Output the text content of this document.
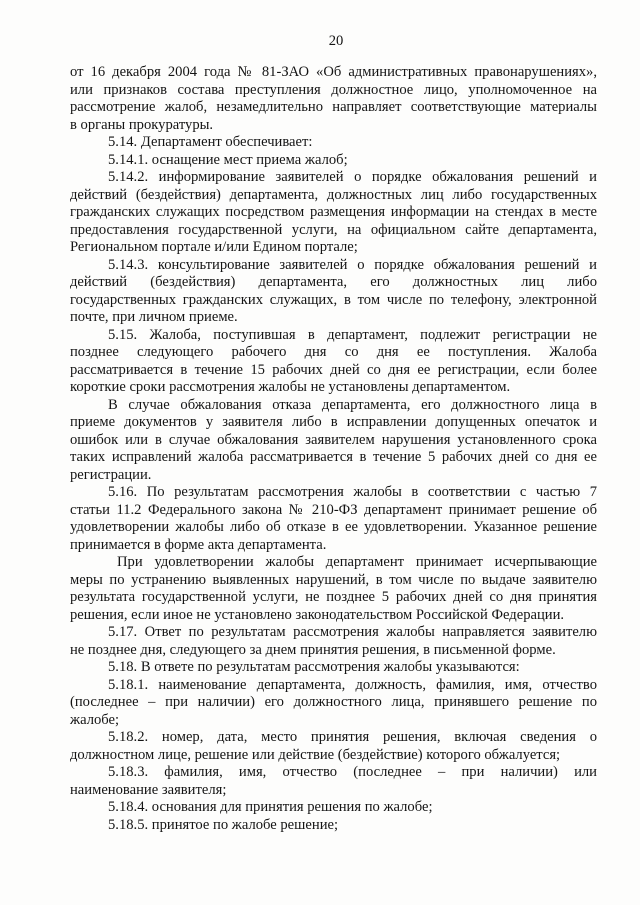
20
от 16 декабря 2004 года № 81-ЗАО «Об административных правонарушениях»,
или признаков состава преступления должностное лицо, уполномоченное на
рассмотрение жалоб, незамедлительно направляет соответствующие материалы
в органы прокуратуры.
5.14. Департамент обеспечивает:
5.14.1. оснащение мест приема жалоб;
5.14.2. информирование заявителей о порядке обжалования решений и
действий (бездействия) департамента, должностных лиц либо государственных
гражданских служащих посредством размещения информации на стендах в месте
предоставления государственной услуги, на официальном сайте департамента,
Региональном портале и/или Едином портале;
5.14.3. консультирование заявителей о порядке обжалования решений и
действий (бездействия) департамента, его должностных лиц либо
государственных гражданских служащих, в том числе по телефону, электронной
почте, при личном приеме.
5.15. Жалоба, поступившая в департамент, подлежит регистрации не
позднее следующего рабочего дня со дня ее поступления. Жалоба
рассматривается в течение 15 рабочих дней со дня ее регистрации, если более
короткие сроки рассмотрения жалобы не установлены департаментом.
В случае обжалования отказа департамента, его должностного лица в
приеме документов у заявителя либо в исправлении допущенных опечаток и
ошибок или в случае обжалования заявителем нарушения установленного срока
таких исправлений жалоба рассматривается в течение 5 рабочих дней со дня ее
регистрации.
5.16. По результатам рассмотрения жалобы в соответствии с частью 7
статьи 11.2 Федерального закона № 210-ФЗ департамент принимает решение об
удовлетворении жалобы либо об отказе в ее удовлетворении. Указанное решение
принимается в форме акта департамента.
При удовлетворении жалобы департамент принимает исчерпывающие
меры по устранению выявленных нарушений, в том числе по выдаче заявителю
результата государственной услуги, не позднее 5 рабочих дней со дня принятия
решения, если иное не установлено законодательством Российской Федерации.
5.17. Ответ по результатам рассмотрения жалобы направляется заявителю
не позднее дня, следующего за днем принятия решения, в письменной форме.
5.18. В ответе по результатам рассмотрения жалобы указываются:
5.18.1. наименование департамента, должность, фамилия, имя, отчество
(последнее – при наличии) его должностного лица, принявшего решение по
жалобе;
5.18.2. номер, дата, место принятия решения, включая сведения о
должностном лице, решение или действие (бездействие) которого обжалуется;
5.18.3. фамилия, имя, отчество (последнее – при наличии) или
наименование заявителя;
5.18.4. основания для принятия решения по жалобе;
5.18.5. принятое по жалобе решение;
